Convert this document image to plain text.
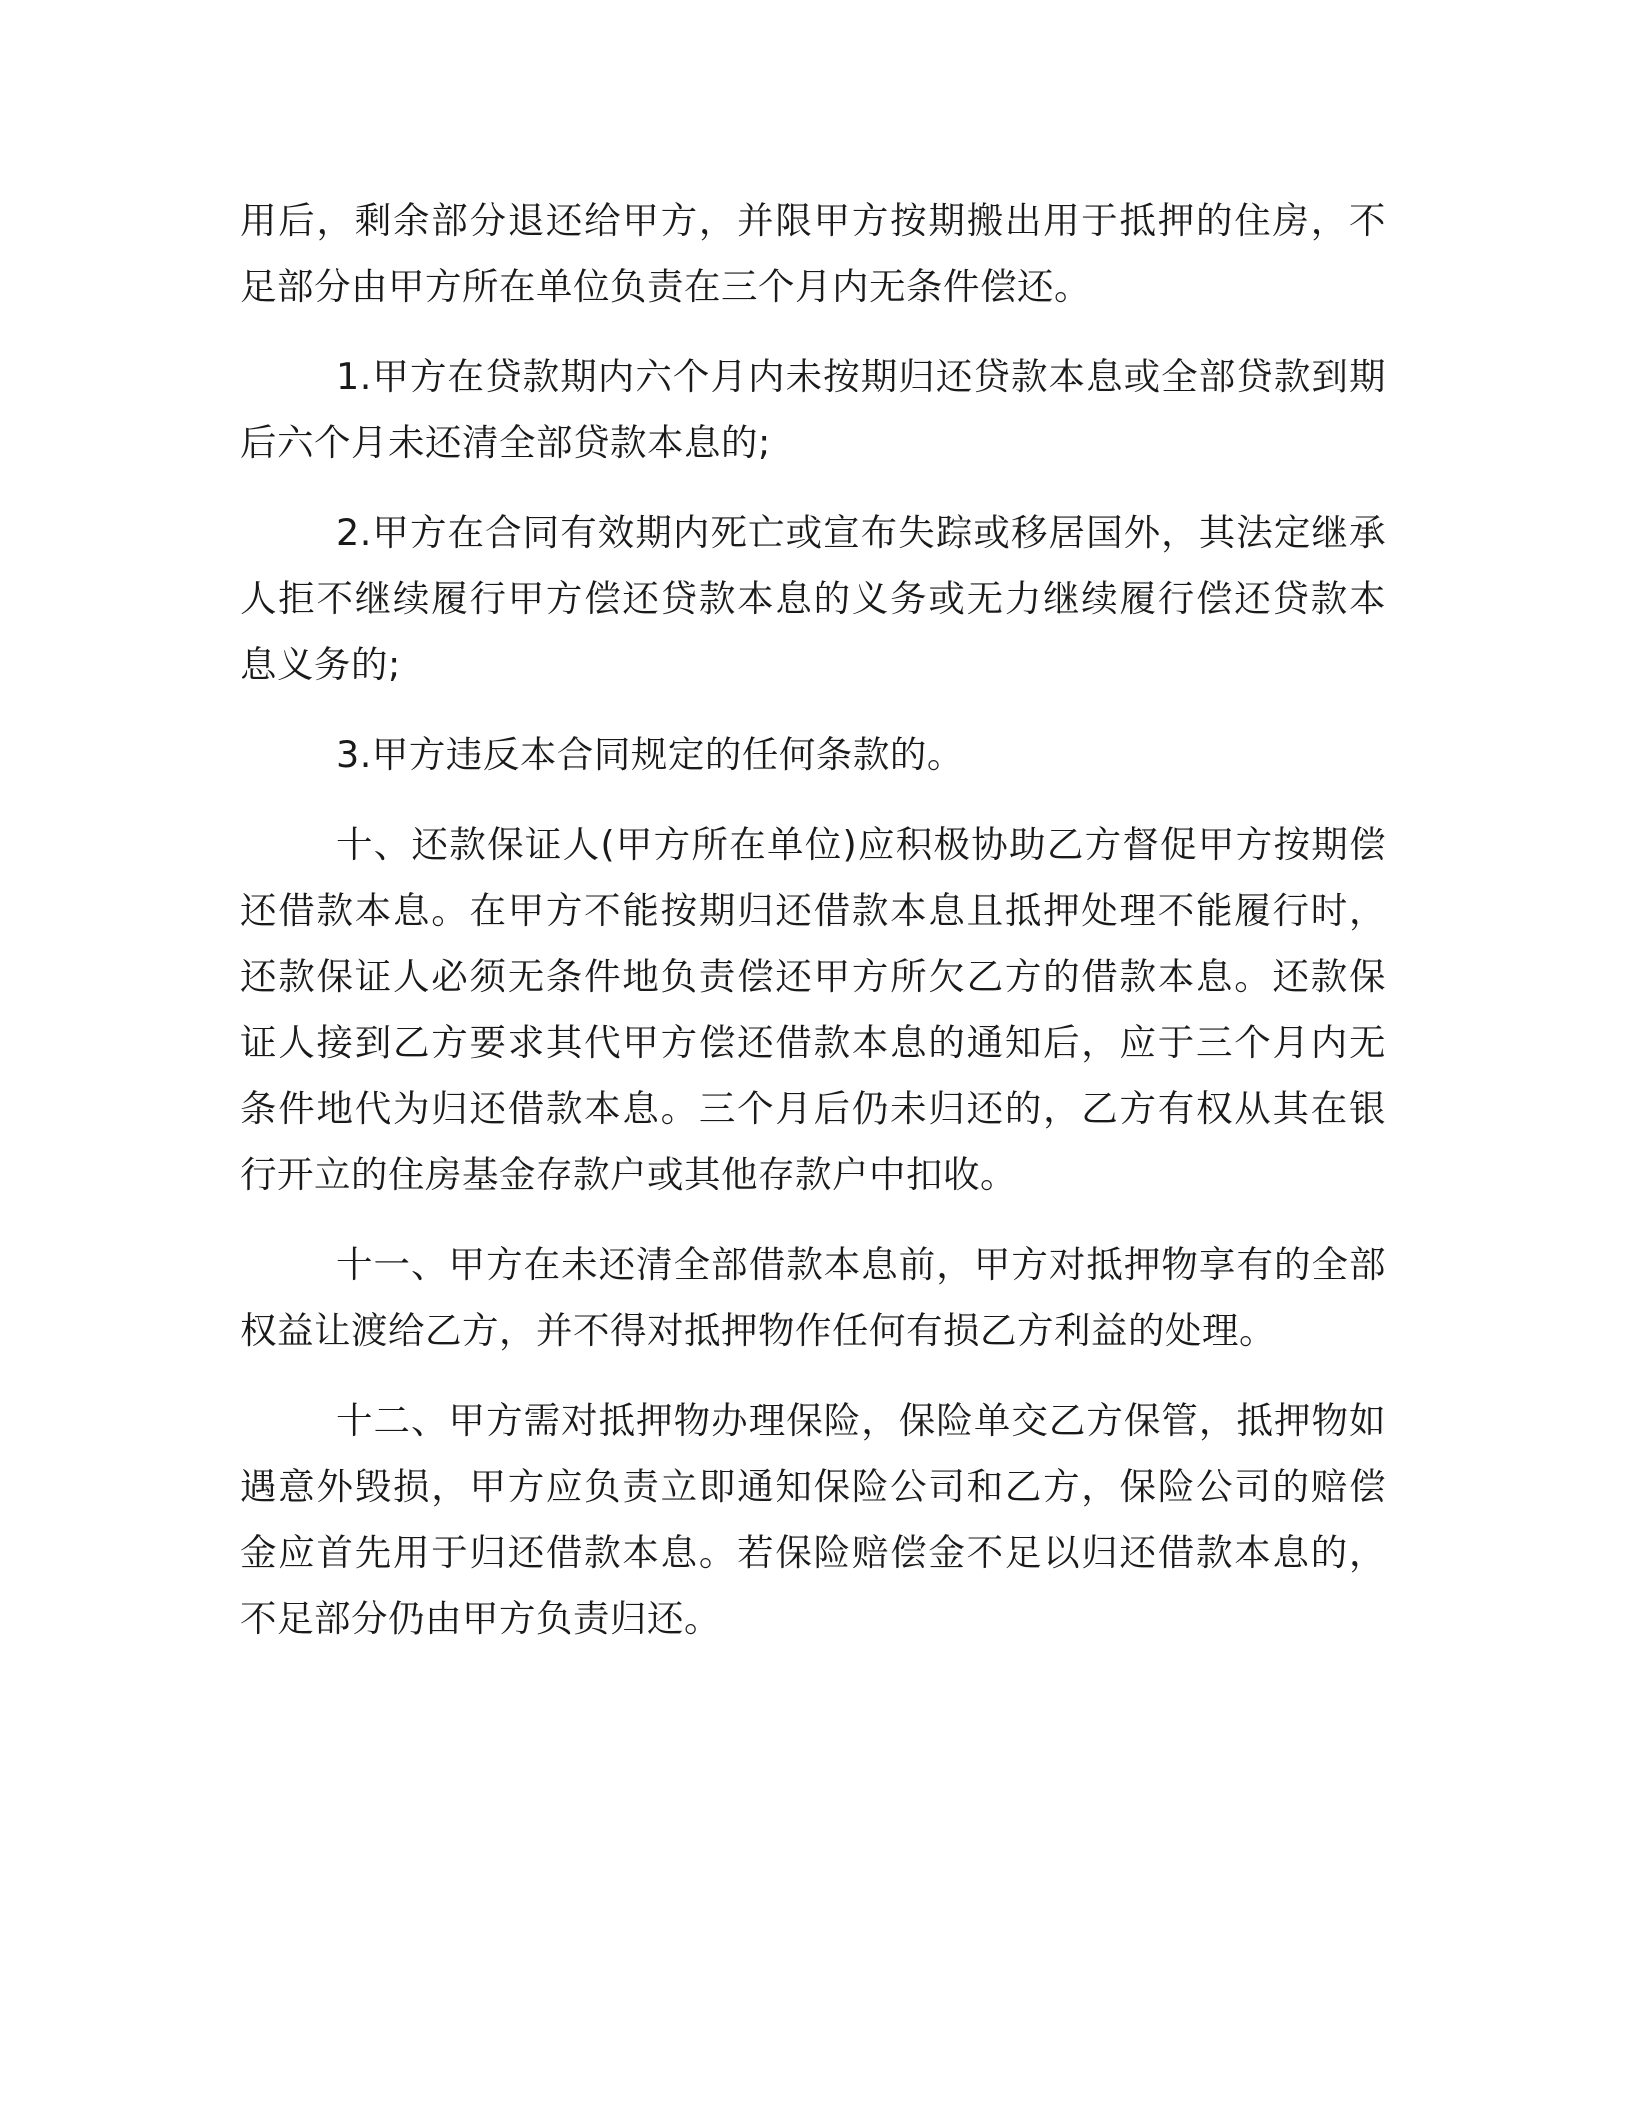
用后，剩余部分退还给甲方，并限甲方按期搬出用于抵押的住房，不足部分由甲方所在单位负责在三个月内无条件偿还。

1.甲方在贷款期内六个月内未按期归还贷款本息或全部贷款到期后六个月未还清全部贷款本息的;

2.甲方在合同有效期内死亡或宣布失踪或移居国外，其法定继承人拒不继续履行甲方偿还贷款本息的义务或无力继续履行偿还贷款本息义务的;

3.甲方违反本合同规定的任何条款的。

十、还款保证人(甲方所在单位)应积极协助乙方督促甲方按期偿还借款本息。在甲方不能按期归还借款本息且抵押处理不能履行时，还款保证人必须无条件地负责偿还甲方所欠乙方的借款本息。还款保证人接到乙方要求其代甲方偿还借款本息的通知后，应于三个月内无条件地代为归还借款本息。三个月后仍未归还的，乙方有权从其在银行开立的住房基金存款户或其他存款户中扣收。

十一、甲方在未还清全部借款本息前，甲方对抵押物享有的全部权益让渡给乙方，并不得对抵押物作任何有损乙方利益的处理。

十二、甲方需对抵押物办理保险，保险单交乙方保管，抵押物如遇意外毁损，甲方应负责立即通知保险公司和乙方，保险公司的赔偿金应首先用于归还借款本息。若保险赔偿金不足以归还借款本息的，不足部分仍由甲方负责归还。
